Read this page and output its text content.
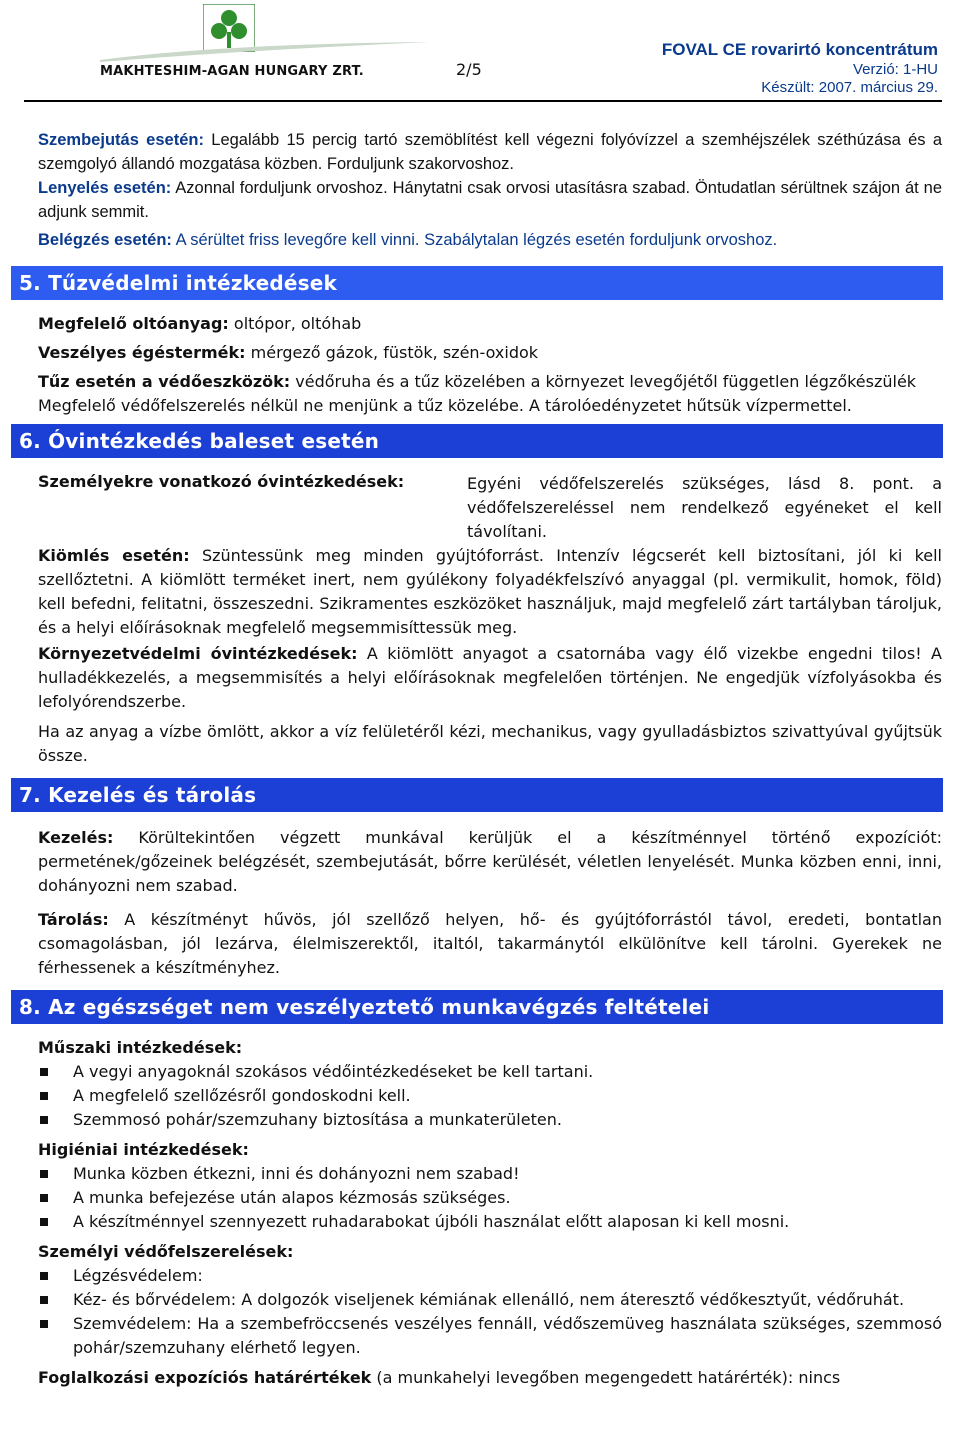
MAKHTESHIM-AGAN HUNGARY ZRT.	2/5
FOVAL CE rovarirtó koncentrátum
Verzió: 1-HU
Készült: 2007. március 29.

Szembejutás esetén: Legalább 15 percig tartó szemöblítést kell végezni folyóvízzel a szemhéjszélek széthúzása és a szemgolyó állandó mozgatása közben. Forduljunk szakorvoshoz.

Lenyelés esetén: Azonnal forduljunk orvoshoz. Hánytatni csak orvosi utasításra szabad. Öntudatlan sérültnek szájon át ne adjunk semmit.

Belégzés esetén: A sérültet friss levegőre kell vinni. Szabálytalan légzés esetén forduljunk orvoshoz.

5. Tűzvédelmi intézkedések

Megfelelő oltóanyag: oltópor, oltóhab

Veszélyes égéstermék: mérgező gázok, füstök, szén-oxidok

Tűz esetén a védőeszközök: védőruha és a tűz közelében a környezet levegőjétől független légzőkészülék

Megfelelő védőfelszerelés nélkül ne menjünk a tűz közelébe. A tárolóedényzetet hűtsük vízpermettel.

6. Óvintézkedés baleset esetén
Személyekre vonatkozó óvintézkedések:	Egyéni védőfelszerelés szükséges, lásd 8. pont. a védőfelszereléssel nem rendelkező egyéneket el kell távolítani.

Kiömlés esetén: Szüntessünk meg minden gyújtóforrást. Intenzív légcserét kell biztosítani, jól ki kell szellőztetni. A kiömlött terméket inert, nem gyúlékony folyadékfelszívó anyaggal (pl. vermikulit, homok, föld) kell befedni, felitatni, összeszedni. Szikramentes eszközöket használjuk, majd megfelelő zárt tartályban tároljuk, és a helyi előírásoknak megfelelő megsemmisíttessük meg.

Környezetvédelmi óvintézkedések: A kiömlött anyagot a csatornába vagy élő vizekbe engedni tilos! A hulladékkezelés, a megsemmisítés a helyi előírásoknak megfelelően történjen. Ne engedjük vízfolyásokba és lefolyórendszerbe.

Ha az anyag a vízbe ömlött, akkor a víz felületéről kézi, mechanikus, vagy gyulladásbiztos szivattyúval gyűjtsük össze.

7. Kezelés és tárolás

Kezelés: Körültekintően végzett munkával kerüljük el a készítménnyel történő expozíciót: permetének/gőzeinek belégzését, szembejutását, bőrre kerülését, véletlen lenyelését. Munka közben enni, inni, dohányozni nem szabad.

Tárolás: A készítményt hűvös, jól szellőző helyen, hő- és gyújtóforrástól távol, eredeti, bontatlan csomagolásban, jól lezárva, élelmiszerektől, italtól, takarmánytól elkülönítve kell tárolni. Gyerekek ne férhessenek a készítményhez.

8. Az egészséget nem veszélyeztető munkavégzés feltételei

Műszaki intézkedések:

A vegyi anyagoknál szokásos védőintézkedéseket be kell tartani.
A megfelelő szellőzésről gondoskodni kell.
Szemmosó pohár/szemzuhany biztosítása a munkaterületen.

Higiéniai intézkedések:

Munka közben étkezni, inni és dohányozni nem szabad!
A munka befejezése után alapos kézmosás szükséges.
A készítménnyel szennyezett ruhadarabokat újbóli használat előtt alaposan ki kell mosni.

Személyi védőfelszerelések:

Légzésvédelem:
Kéz- és bőrvédelem: A dolgozók viseljenek kémiának ellenálló, nem áteresztő védőkesztyűt, védőruhát.
Szemvédelem: Ha a szembefröccsenés veszélyes fennáll, védőszemüveg használata szükséges, szemmosó pohár/szemzuhany elérhető legyen.

Foglalkozási expozíciós határértékek (a munkahelyi levegőben megengedett határérték): nincs
